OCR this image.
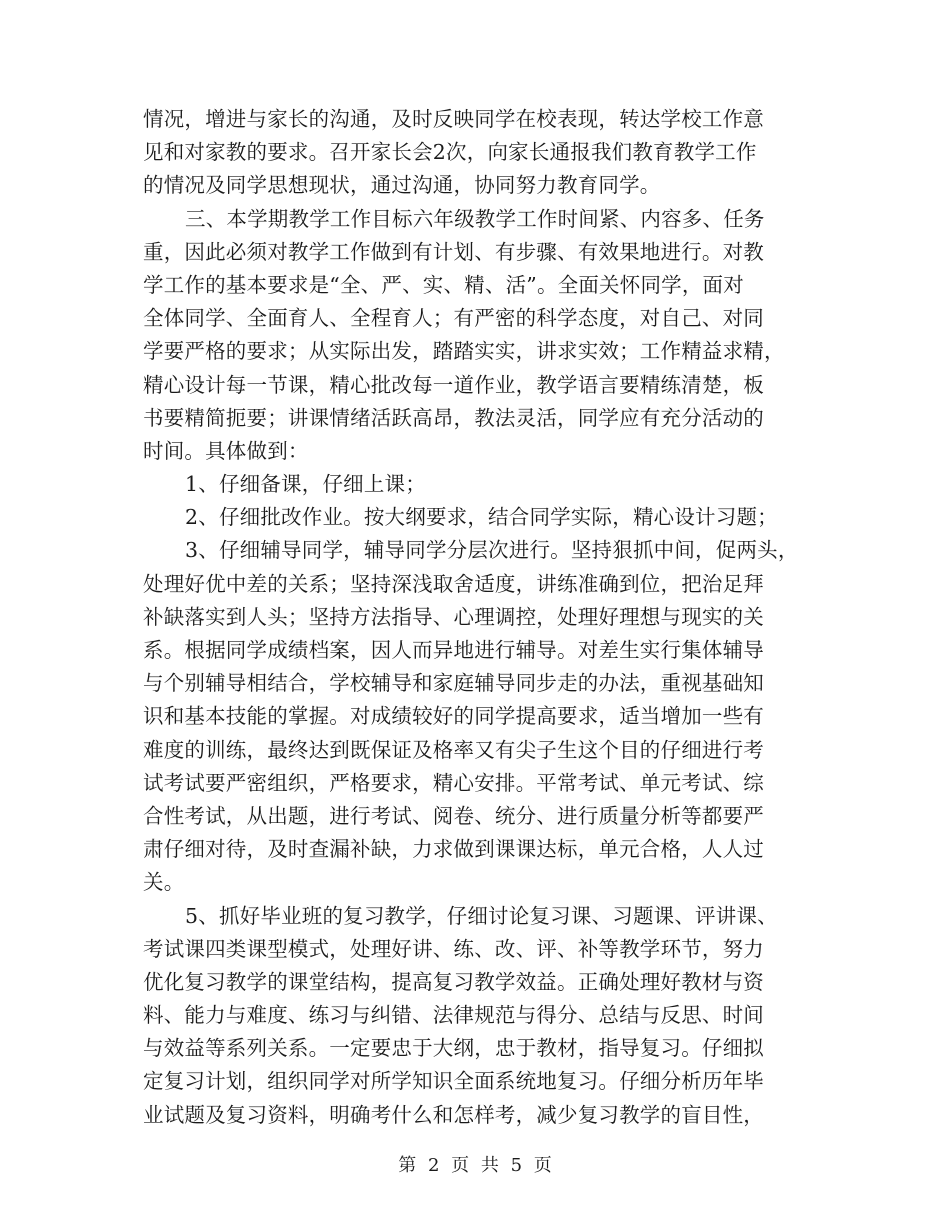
情况，增进与家长的沟通，及时反映同学在校表现，转达学校工作意
见和对家教的要求。召开家长会2次，向家长通报我们教育教学工作
的情况及同学思想现状，通过沟通，协同努力教育同学。
三、本学期教学工作目标六年级教学工作时间紧、内容多、任务
重，因此必须对教学工作做到有计划、有步骤、有效果地进行。对教
学工作的基本要求是“全、严、实、精、活”。全面关怀同学，面对
全体同学、全面育人、全程育人；有严密的科学态度，对自己、对同
学要严格的要求；从实际出发，踏踏实实，讲求实效；工作精益求精，
精心设计每一节课，精心批改每一道作业，教学语言要精练清楚，板
书要精简扼要；讲课情绪活跃高昂，教法灵活，同学应有充分活动的
时间。具体做到：
1、仔细备课，仔细上课；
2、仔细批改作业。按大纲要求，结合同学实际，精心设计习题；
3、仔细辅导同学，辅导同学分层次进行。坚持狠抓中间，促两头，
处理好优中差的关系；坚持深浅取舍适度，讲练准确到位，把治足拜
补缺落实到人头；坚持方法指导、心理调控，处理好理想与现实的关
系。根据同学成绩档案，因人而异地进行辅导。对差生实行集体辅导
与个别辅导相结合，学校辅导和家庭辅导同步走的办法，重视基础知
识和基本技能的掌握。对成绩较好的同学提高要求，适当增加一些有
难度的训练，最终达到既保证及格率又有尖子生这个目的仔细进行考
试考试要严密组织，严格要求，精心安排。平常考试、单元考试、综
合性考试，从出题，进行考试、阅卷、统分、进行质量分析等都要严
肃仔细对待，及时查漏补缺，力求做到课课达标，单元合格，人人过
关。
5、抓好毕业班的复习教学，仔细讨论复习课、习题课、评讲课、
考试课四类课型模式，处理好讲、练、改、评、补等教学环节，努力
优化复习教学的课堂结构，提高复习教学效益。正确处理好教材与资
料、能力与难度、练习与纠错、法律规范与得分、总结与反思、时间
与效益等系列关系。一定要忠于大纲，忠于教材，指导复习。仔细拟
定复习计划，组织同学对所学知识全面系统地复习。仔细分析历年毕
业试题及复习资料，明确考什么和怎样考，减少复习教学的盲目性，
第 2 页 共 5 页
